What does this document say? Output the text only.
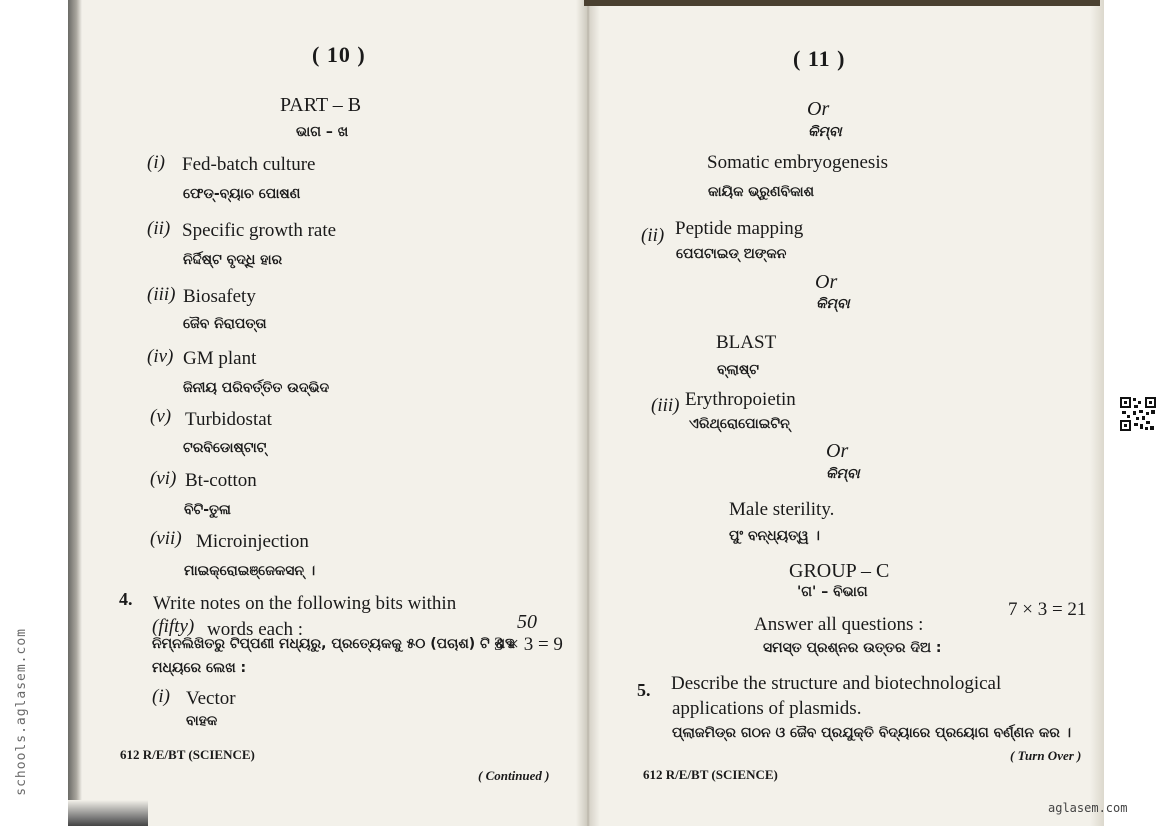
( 10 )
PART – B
ଭାଗ – ଖ
(i) Fed-batch culture
ଫେଡ୍-ବ୍ୟାଚ ପୋଷଣ
(ii) Specific growth rate
ନିର୍ଦ୍ଦିଷ୍ଟ ବୃଦ୍ଧି ହାର
(iii) Biosafety
ଜୈବ ନିରାପତ୍ତା
(iv) GM plant
ଜିନୀୟ ପରିବର୍ତ୍ତିତ ଉଦ୍ଭିଦ
(v) Turbidostat
ଟରବିଡୋଷ୍ଟାଟ୍
(vi) Bt-cotton
ବିଟି-ତୁଳା
(vii) Microinjection
ମାଇକ୍ରୋଇଞ୍ଜେକସନ୍ ।
4. Write notes on the following bits within
50
(fifty) words each :
3 × 3 = 9
ନିମ୍ନଲିଖିତରୁ ଟିପ୍ପଣୀ ମଧ୍ୟରୁ, ପ୍ରତ୍ୟେକକୁ ୫୦ (ପଚାଶ) ଟି ଶବ୍ଦ
ମଧ୍ୟରେ ଲେଖ :
(i) Vector
ବାହକ
612 R/E/BT (SCIENCE)
( Continued )
( 11 )
Or
କିମ୍ବା
Somatic embryogenesis
କାୟିକ ଭ୍ରୁଣବିକାଶ
(ii) Peptide mapping
ପେପଟାଇଡ୍ ଅଙ୍କନ
Or
କିମ୍ବା
BLAST
ବ୍ଲାଷ୍ଟ
(iii) Erythropoietin
ଏରିଥ୍ରୋପୋଇଟିନ୍
Or
କିମ୍ବା
Male sterility.
ପୁଂ ବନ୍ଧ୍ୟତ୍ୱ ।
GROUP – C
'ଗ' – ବିଭାଗ
Answer all questions :
7 × 3 = 21
ସମସ୍ତ ପ୍ରଶ୍ନର ଉତ୍ତର ଦିଅ :
5. Describe the structure and biotechnological
applications of plasmids.
ପ୍ଲାଜମିଡ୍‌ର ଗଠନ ଓ ଜୈବ ପ୍ରଯୁକ୍ତି ବିଦ୍ୟାରେ ପ୍ରୟୋଗ ବର୍ଣ୍ଣନ କର ।
( Turn Over )
612 R/E/BT (SCIENCE)
schools.aglasem.com
aglasem.com
